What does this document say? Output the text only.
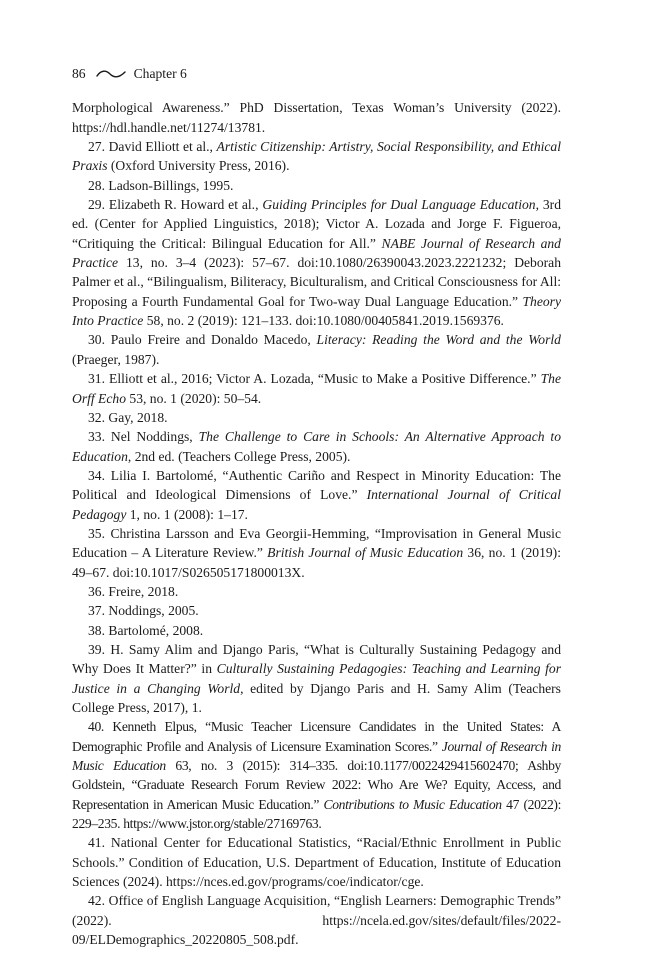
86	Chapter 6

Morphological Awareness.” PhD Dissertation, Texas Woman’s University (2022). https://hdl.handle.net/11274/13781.

27. David Elliott et al., Artistic Citizenship: Artistry, Social Responsibility, and Ethical Praxis (Oxford University Press, 2016).

28. Ladson-Billings, 1995.

29. Elizabeth R. Howard et al., Guiding Principles for Dual Language Education, 3rd ed. (Center for Applied Linguistics, 2018); Victor A. Lozada and Jorge F. Figueroa, “Critiquing the Critical: Bilingual Education for All.” NABE Journal of Research and Practice 13, no. 3–4 (2023): 57–67. doi:10.1080/26390043.2023.2221232; Deborah Palmer et al., “Bilingualism, Biliteracy, Biculturalism, and Critical Consciousness for All: Proposing a Fourth Fundamental Goal for Two-way Dual Language Education.” Theory Into Practice 58, no. 2 (2019): 121–133. doi:10.1080/00405841.2019.1569376.

30. Paulo Freire and Donaldo Macedo, Literacy: Reading the Word and the World (Praeger, 1987).

31. Elliott et al., 2016; Victor A. Lozada, “Music to Make a Positive Difference.” The Orff Echo 53, no. 1 (2020): 50–54.

32. Gay, 2018.

33. Nel Noddings, The Challenge to Care in Schools: An Alternative Approach to Education, 2nd ed. (Teachers College Press, 2005).

34. Lilia I. Bartolomé, “Authentic Cariño and Respect in Minority Education: The Political and Ideological Dimensions of Love.” International Journal of Critical Pedagogy 1, no. 1 (2008): 1–17.

35. Christina Larsson and Eva Georgii-Hemming, “Improvisation in General Music Education – A Literature Review.” British Journal of Music Education 36, no. 1 (2019): 49–67. doi:10.1017/S026505171800013X.

36. Freire, 2018.

37. Noddings, 2005.

38. Bartolomé, 2008.

39. H. Samy Alim and Django Paris, “What is Culturally Sustaining Pedagogy and Why Does It Matter?” in Culturally Sustaining Pedagogies: Teaching and Learning for Justice in a Changing World, edited by Django Paris and H. Samy Alim (Teachers College Press, 2017), 1.

40. Kenneth Elpus, “Music Teacher Licensure Candidates in the United States: A Demographic Profile and Analysis of Licensure Examination Scores.” Journal of Research in Music Education 63, no. 3 (2015): 314–335. doi:10.1177/0022429415602470; Ashby Goldstein, “Graduate Research Forum Review 2022: Who Are We? Equity, Access, and Representation in American Music Education.” Contributions to Music Education 47 (2022): 229–235. https://www.jstor.org/stable/27169763.

41. National Center for Educational Statistics, “Racial/Ethnic Enrollment in Public Schools.” Condition of Education, U.S. Department of Education, Institute of Education Sciences (2024). https://nces.ed.gov/programs/coe/indicator/cge.

42. Office of English Language Acquisition, “English Learners: Demographic Trends” (2022). https://ncela.ed.gov/sites/default/files/2022-09/ELDemographics_20220805_508.pdf.
